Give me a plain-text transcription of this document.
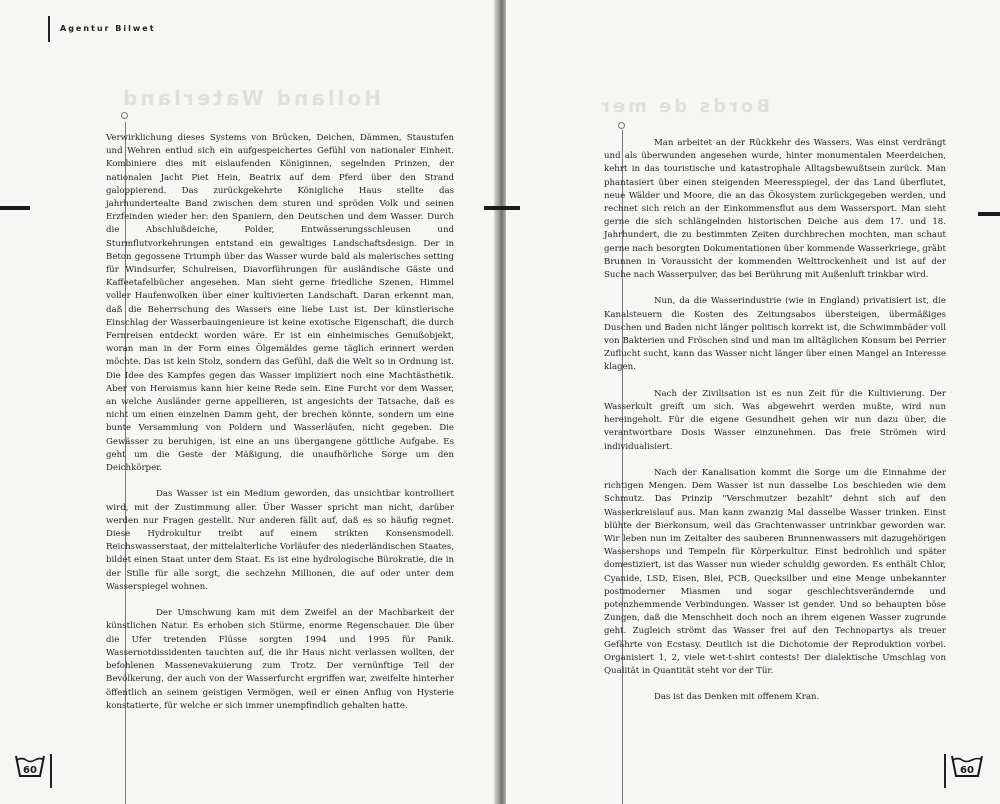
Agentur Bilwet
Holland Waterland

Verwirklichung dieses Systems von Brücken, Deichen, Dämmen, Staustufen und Wehren entlud sich ein aufgespeichertes Gefühl von nationaler Einheit. Kombiniere dies mit eislaufenden Königinnen, segelnden Prinzen, der nationalen Jacht Piet Hein, Beatrix auf dem Pferd über den Strand galoppierend. Das zurückgekehrte Königliche Haus stellte das jahrhundertealte Band zwischen dem sturen und spröden Volk und seinen Erzfeinden wieder her: den Spaniern, den Deutschen und dem Wasser. Durch die Abschlußdeiche, Polder, Entwässerungsschleusen und Sturmflutvorkehrungen entstand ein gewaltiges Landschaftsdesign. Der in Beton gegossene Triumph über das Wasser wurde bald als malerisches setting für Windsurfer, Schulreisen, Diavorführungen für ausländische Gäste und Kaffeetafelbücher angesehen. Man sieht gerne friedliche Szenen, Himmel voller Haufenwolken über einer kultivierten Landschaft. Daran erkennt man, daß die Beherrschung des Wassers eine liebe Lust ist. Der künstlerische Einschlag der Wasserbauingenieure ist keine exotische Eigenschaft, die durch Fernreisen entdeckt worden wäre. Er ist ein einheimisches Genußobjekt, woran man in der Form eines Ölgemäldes gerne täglich erinnert werden möchte. Das ist kein Stolz, sondern das Gefühl, daß die Welt so in Ordnung ist. Die Idee des Kampfes gegen das Wasser impliziert noch eine Machtästhetik. Aber von Heroismus kann hier keine Rede sein. Eine Furcht vor dem Wasser, an welche Ausländer gerne appellieren, ist angesichts der Tatsache, daß es nicht um einen einzelnen Damm geht, der brechen könnte, sondern um eine bunte Versammlung von Poldern und Wasserläufen, nicht gegeben. Die Gewässer zu beruhigen, ist eine an uns übergangene göttliche Aufgabe. Es geht um die Geste der Mäßigung, die unaufhörliche Sorge um den Deichkörper.

Das Wasser ist ein Medium geworden, das unsichtbar kontrolliert wird, mit der Zustimmung aller. Über Wasser spricht man nicht, darüber werden nur Fragen gestellt. Nur anderen fällt auf, daß es so häufig regnet. Diese Hydrokultur treibt auf einem strikten Konsensmodell. Reichswasserstaat, der mittelalterliche Vorläufer des niederländischen Staates, bildet einen Staat unter dem Staat. Es ist eine hydrologische Bürokratie, die in der Stille für alle sorgt, die sechzehn Millionen, die auf oder unter dem Wasserspiegel wohnen.

Der Umschwung kam mit dem Zweifel an der Machbarkeit der künstlichen Natur. Es erhoben sich Stürme, enorme Regenschauer. Die über die Ufer tretenden Flüsse sorgten 1994 und 1995 für Panik. Wassernotdissidenten tauchten auf, die ihr Haus nicht verlassen wollten, der befohlenen Massenevakuierung zum Trotz. Der vernünftige Teil der Bevölkerung, der auch von der Wasserfurcht ergriffen war, zweifelte hinterher öffentlich an seinem geistigen Vermögen, weil er einen Anflug von Hysterie konstatierte, für welche er sich immer unempfindlich gehalten hatte.

60
Bords de mer

Man arbeitet an der Rückkehr des Wassers. Was einst verdrängt und als überwunden angesehen wurde, hinter monumentalen Meerdeichen, kehrt in das touristische und katastrophale Alltagsbewußtsein zurück. Man phantasiert über einen steigenden Meeresspiegel, der das Land überflutet, neue Wälder und Moore, die an das Ökosystem zurückgegeben werden, und rechnet sich reich an der Einkommensflut aus dem Wassersport. Man sieht gerne die sich schlängelnden historischen Deiche aus dem 17. und 18. Jahrhundert, die zu bestimmten Zeiten durchbrechen mochten, man schaut gerne nach besorgten Dokumentationen über kommende Wasserkriege, gräbt Brunnen in Voraussicht der kommenden Welttrockenheit und ist auf der Suche nach Wasserpulver, das bei Berührung mit Außenluft trinkbar wird.

Nun, da die Wasserindustrie (wie in England) privatisiert ist, die Kanalsteuern die Kosten des Zeitungsabos übersteigen, übermäßiges Duschen und Baden nicht länger politisch korrekt ist, die Schwimmbäder voll von Bakterien und Fröschen sind und man im alltäglichen Konsum bei Perrier Zuflucht sucht, kann das Wasser nicht länger über einen Mangel an Interesse klagen.

Nach der Zivilisation ist es nun Zeit für die Kultivierung. Der Wasserkult greift um sich. Was abgewehrt werden mußte, wird nun hereingeholt. Für die eigene Gesundheit gehen wir nun dazu über, die verantwortbare Dosis Wasser einzunehmen. Das freie Strömen wird individualisiert.

Nach der Kanalisation kommt die Sorge um die Einnahme der richtigen Mengen. Dem Wasser ist nun dasselbe Los beschieden wie dem Schmutz. Das Prinzip "Verschmutzer bezahlt" dehnt sich auf den Wasserkreislauf aus. Man kann zwanzig Mal dasselbe Wasser trinken. Einst blühte der Bierkonsum, weil das Grachtenwasser untrinkbar geworden war. Wir leben nun im Zeitalter des sauberen Brunnenwassers mit dazugehörigen Wassershops und Tempeln für Körperkultur. Einst bedrohlich und später domestiziert, ist das Wasser nun wieder schuldig geworden. Es enthält Chlor, Cyanide, LSD, Eisen, Blei, PCB, Quecksilber und eine Menge unbekannter postmoderner Miasmen und sogar geschlechtsverändernde und potenzhemmende Verbindungen. Wasser ist gender. Und so behaupten böse Zungen, daß die Menschheit doch noch an ihrem eigenen Wasser zugrunde geht. Zugleich strömt das Wasser frei auf den Technopartys als treuer Gefährte von Ecstasy. Deutlich ist die Dichotomie der Reproduktion vorbei. Organisiert 1, 2, viele wet-t-shirt contests! Der dialektische Umschlag von Qualität in Quantität steht vor der Tür.

Das ist das Denken mit offenem Kran.

60
